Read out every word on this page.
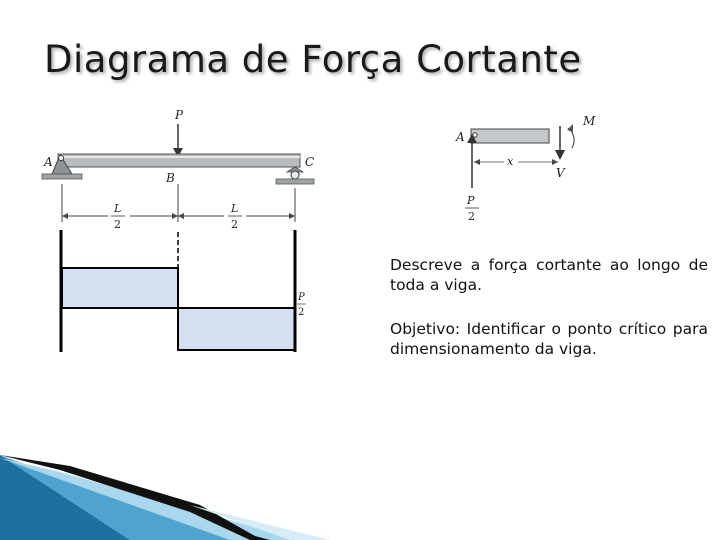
Diagrama de Força Cortante
P
A	C
B
L
2
L
2
A
M
V
x
P
2
P
2
Descreve a força cortante ao longo de toda a viga.
Objetivo: Identificar o ponto crítico para dimensionamento da viga.
